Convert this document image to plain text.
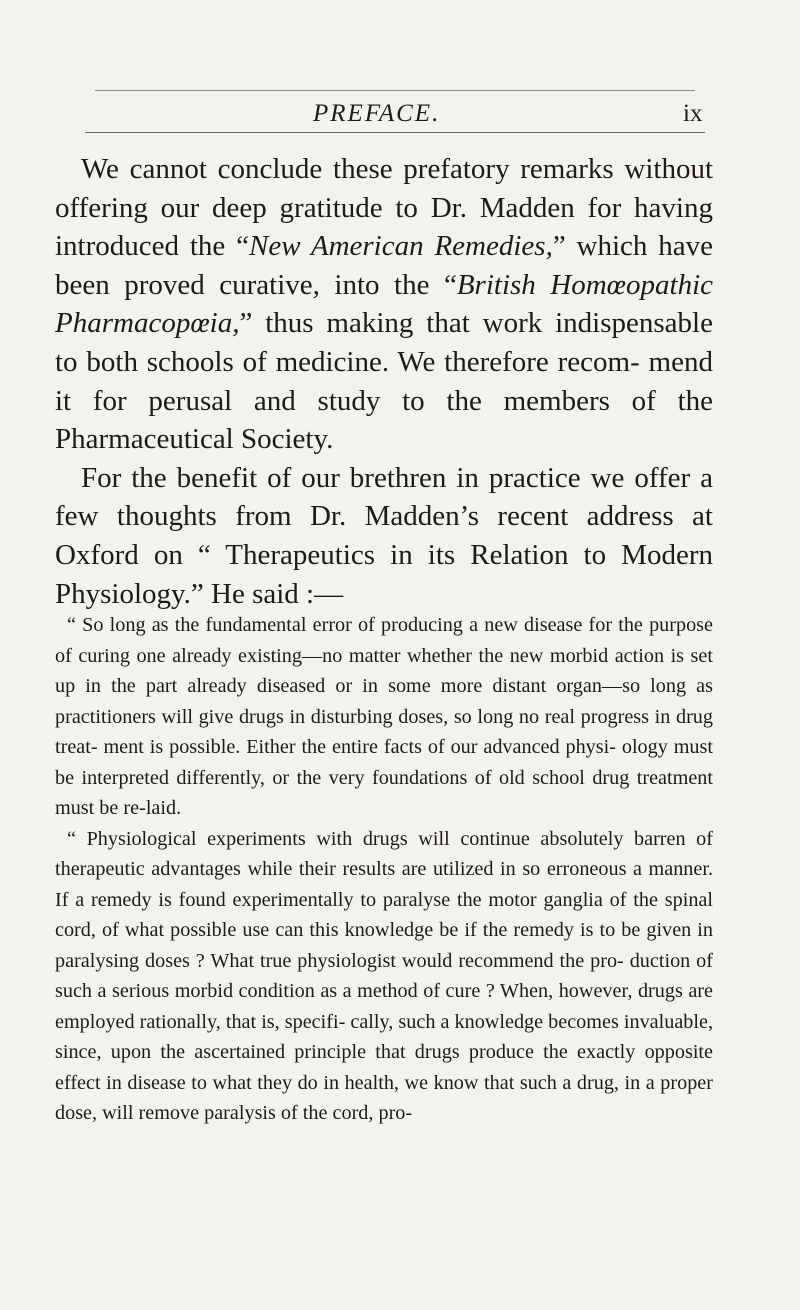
PREFACE.	ix

We cannot conclude these prefatory remarks without offering our deep gratitude to Dr. Madden for having introduced the “New American Remedies,” which have been proved curative, into the “British Homœopathic Pharmacopœia,” thus making that work indispensable to both schools of medicine. We therefore recom- mend it for perusal and study to the members of the Pharmaceutical Society.

For the benefit of our brethren in practice we offer a few thoughts from Dr. Madden’s recent address at Oxford on “ Therapeutics in its Relation to Modern Physiology.” He said :—

“ So long as the fundamental error of producing a new disease for the purpose of curing one already existing—no matter whether the new morbid action is set up in the part already diseased or in some more distant organ—so long as practitioners will give drugs in disturbing doses, so long no real progress in drug treat- ment is possible. Either the entire facts of our advanced physi- ology must be interpreted differently, or the very foundations of old school drug treatment must be re-laid.

“ Physiological experiments with drugs will continue absolutely barren of therapeutic advantages while their results are utilized in so erroneous a manner. If a remedy is found experimentally to paralyse the motor ganglia of the spinal cord, of what possible use can this knowledge be if the remedy is to be given in paralysing doses ? What true physiologist would recommend the pro- duction of such a serious morbid condition as a method of cure ? When, however, drugs are employed rationally, that is, specifi- cally, such a knowledge becomes invaluable, since, upon the ascertained principle that drugs produce the exactly opposite effect in disease to what they do in health, we know that such a drug, in a proper dose, will remove paralysis of the cord, pro-
